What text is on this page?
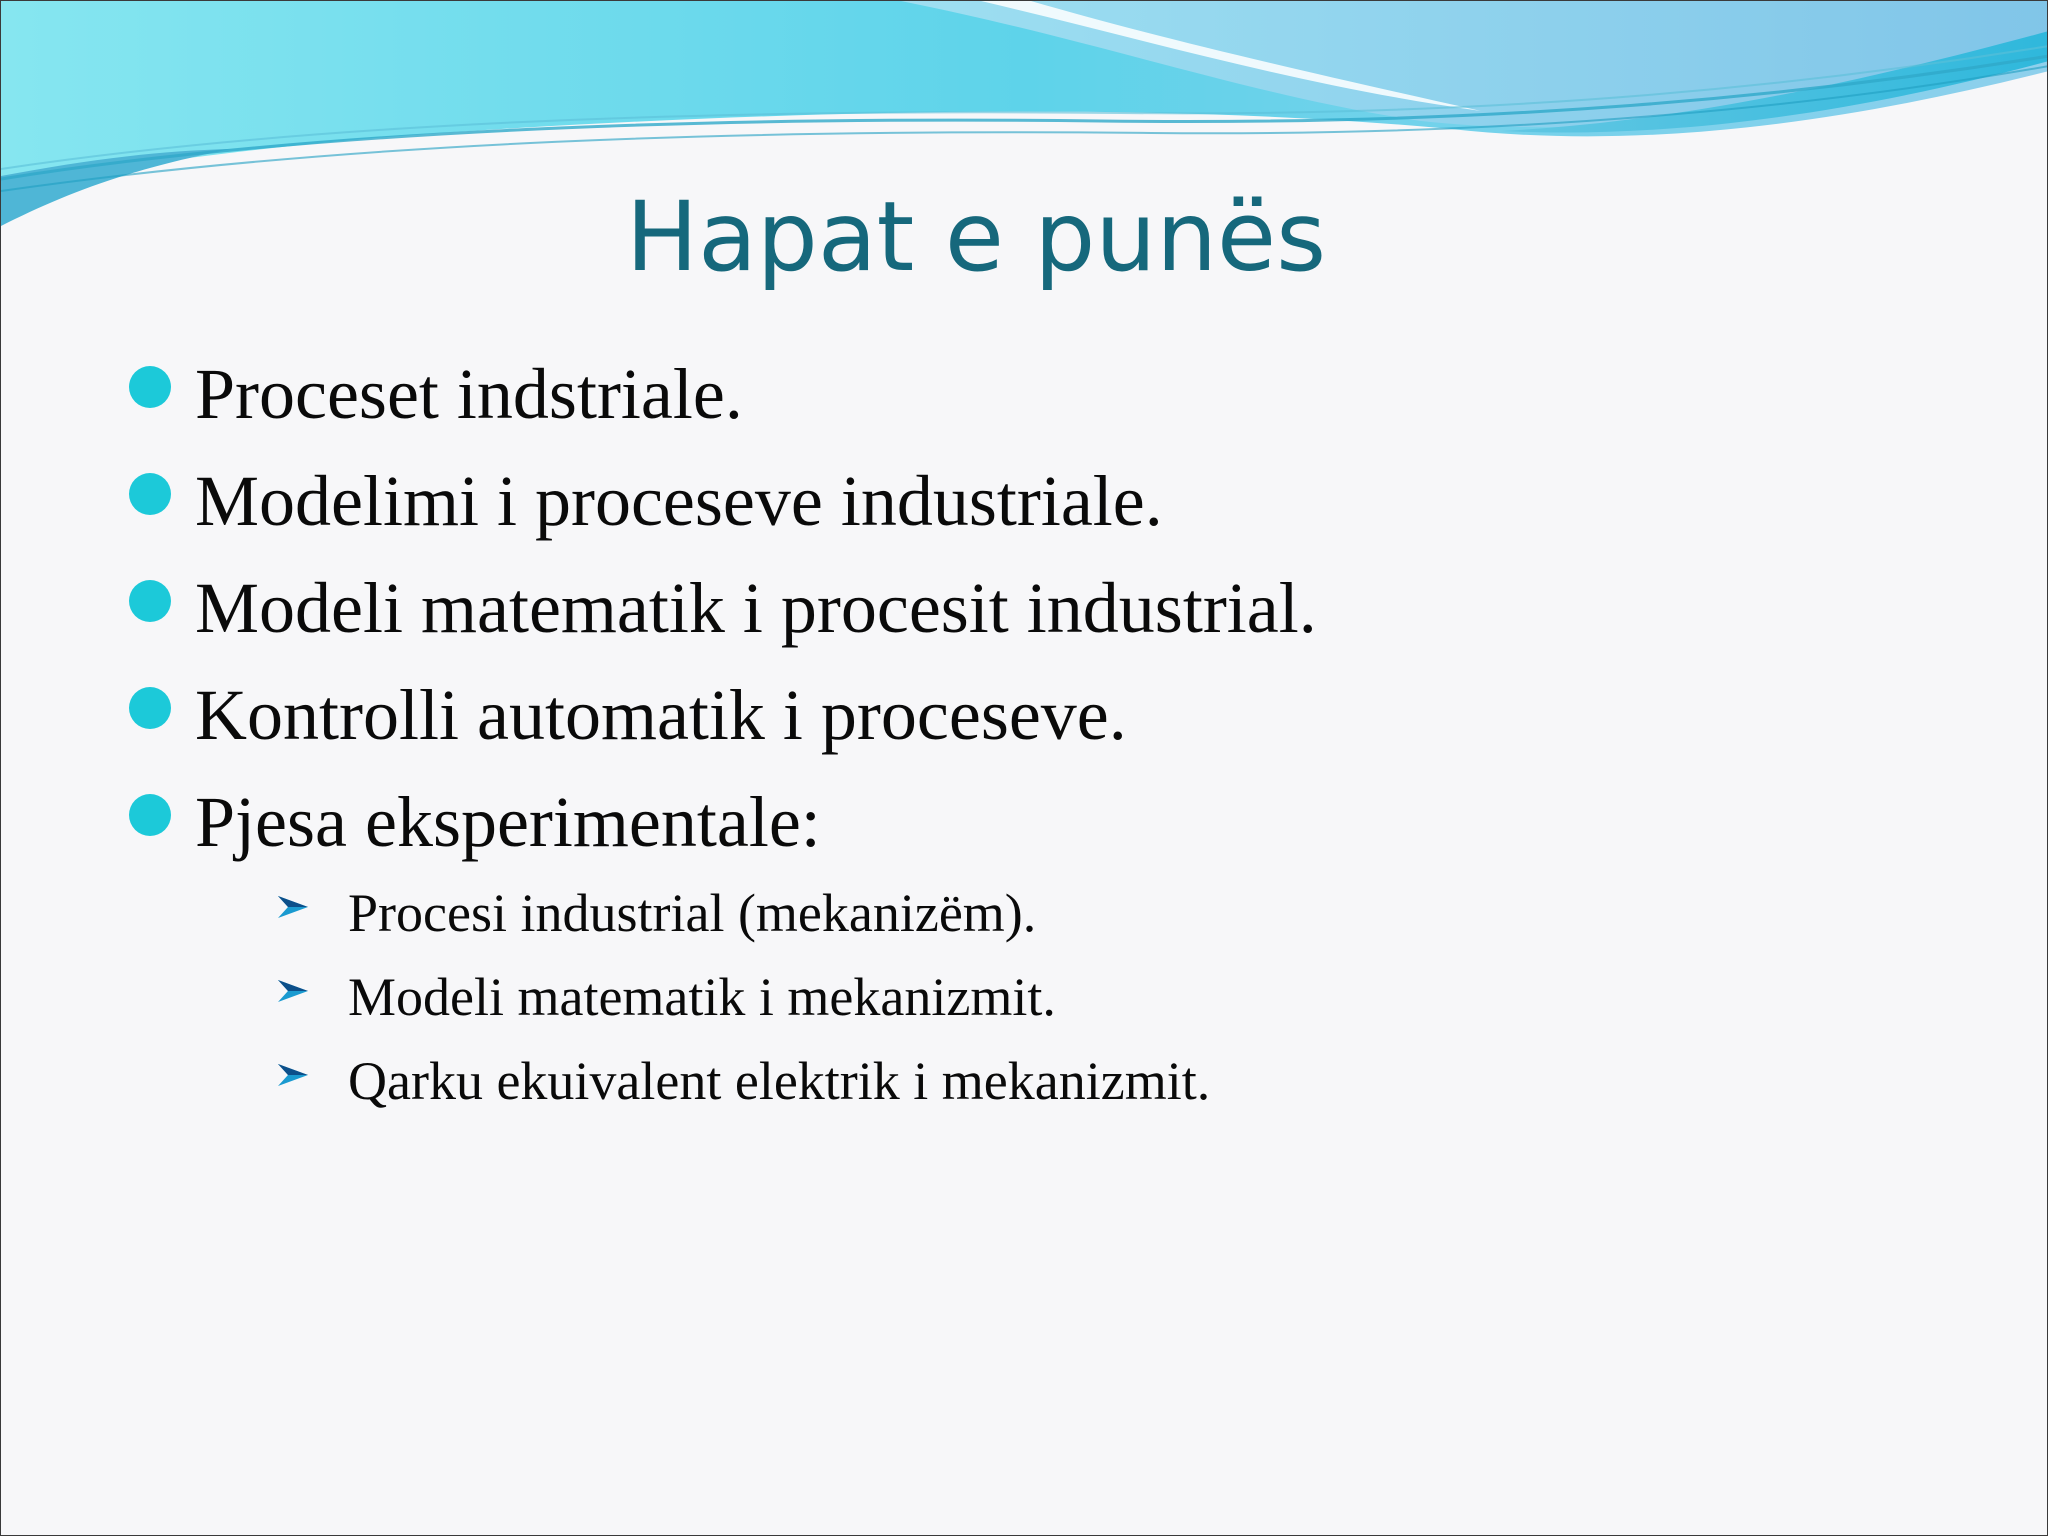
Hapat e punës
Proceset indstriale.
Modelimi i proceseve industriale.
Modeli matematik i procesit industrial.
Kontrolli automatik i proceseve.
Pjesa eksperimentale:
Procesi industrial (mekanizëm).
Modeli matematik i mekanizmit.
Qarku ekuivalent elektrik i mekanizmit.
